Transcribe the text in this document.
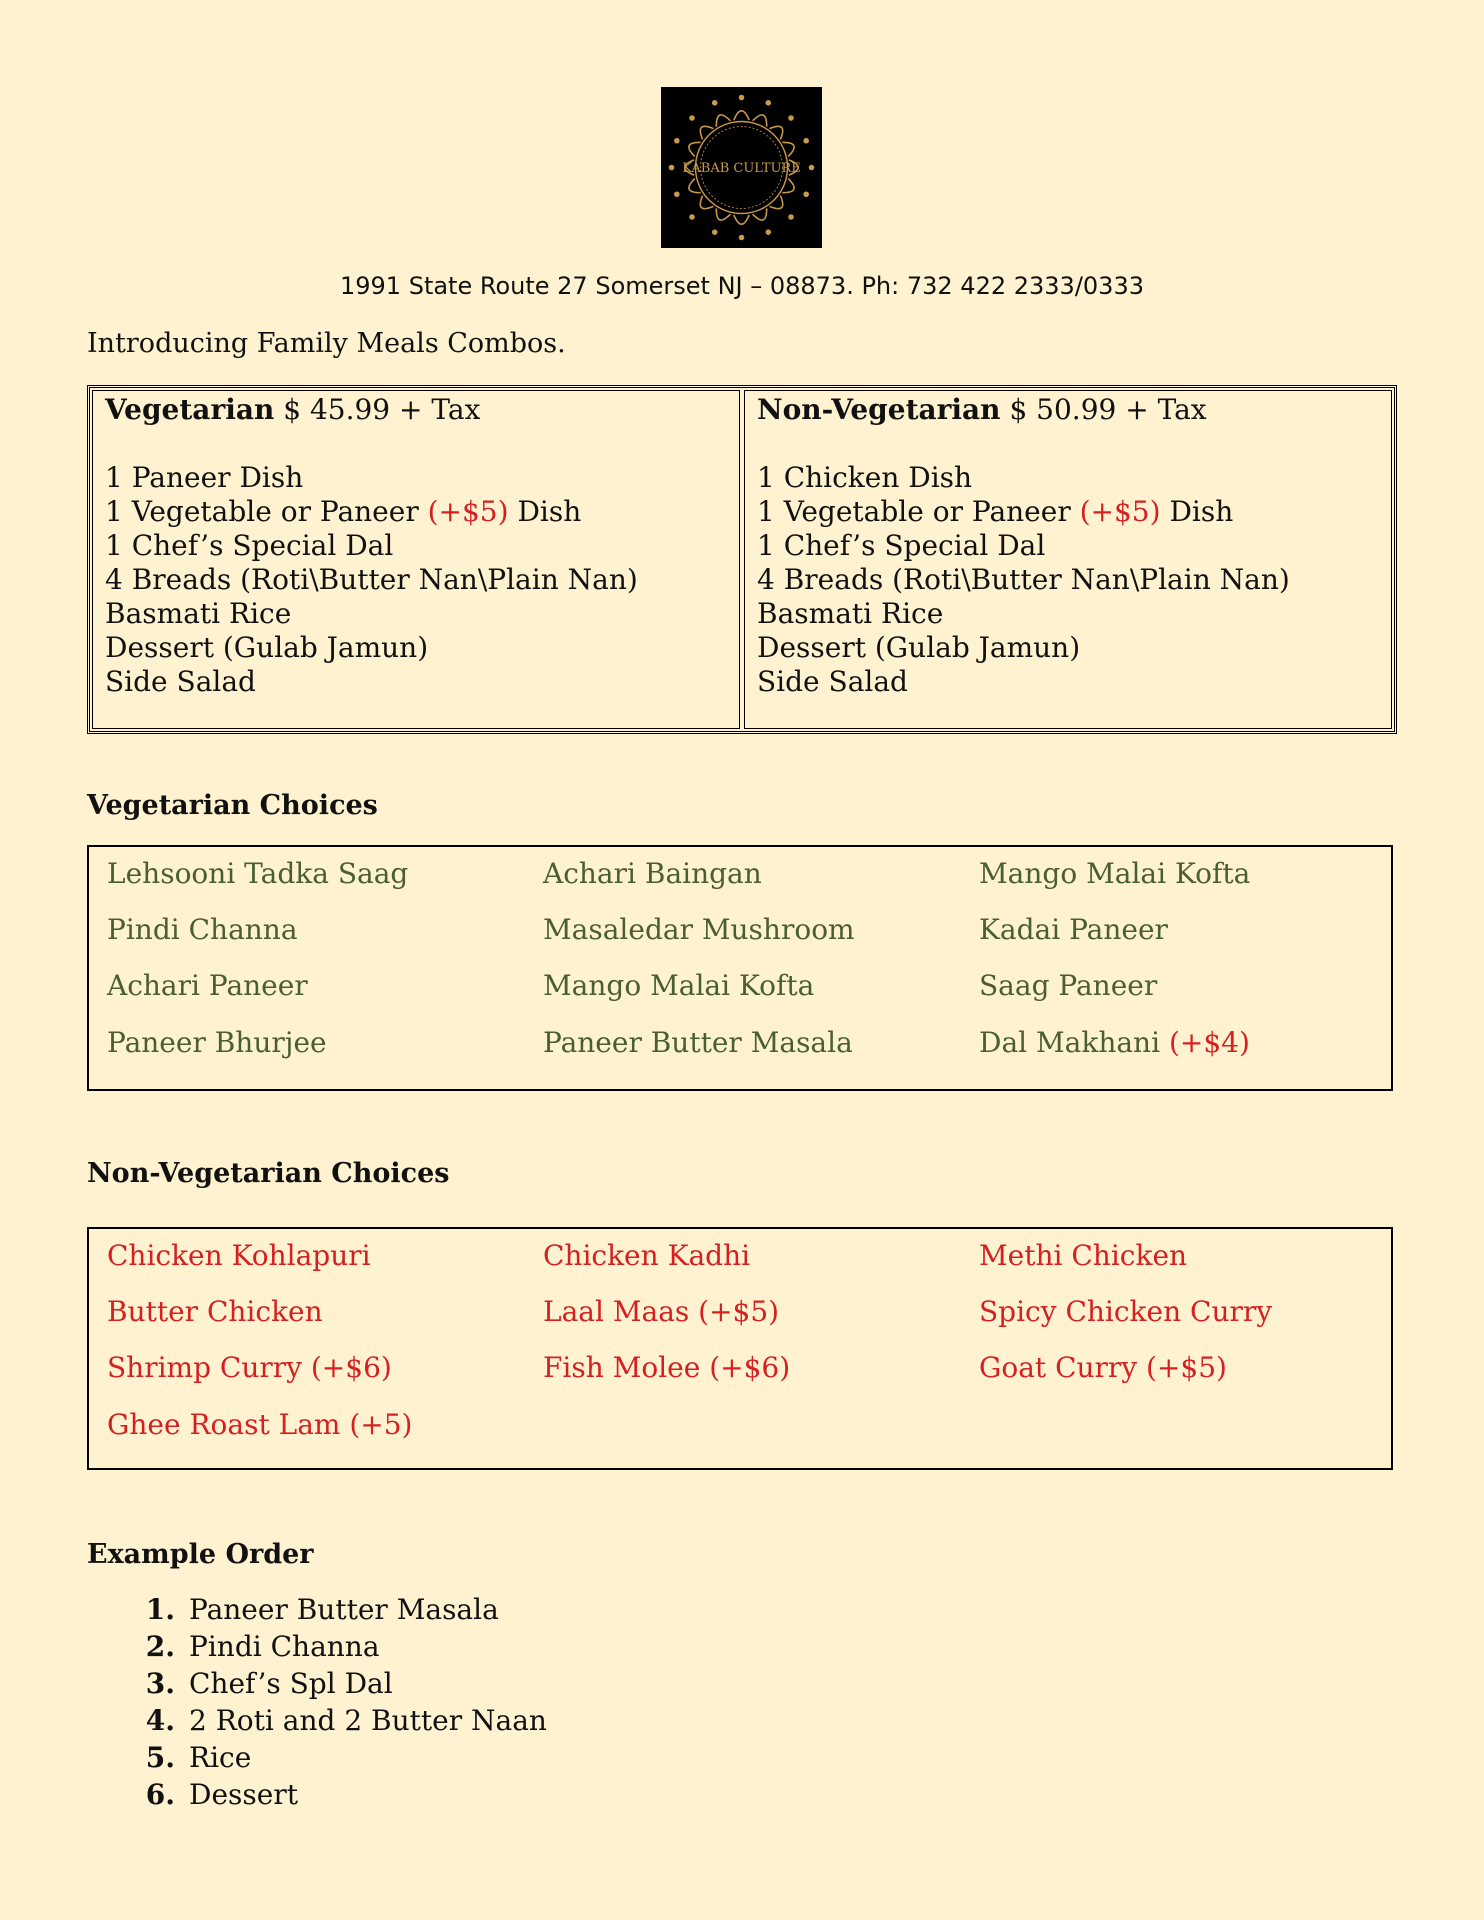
KABAB CULTURE
1991 State Route 27 Somerset NJ – 08873. Ph: 732 422 2333/0333
Introducing Family Meals Combos.
Vegetarian $ 45.99 + Tax
1 Paneer Dish
1 Vegetable or Paneer (+$5) Dish
1 Chef’s Special Dal
4 Breads (Roti\Butter Nan\Plain Nan)
Basmati Rice
Dessert (Gulab Jamun)
Side Salad
Non-Vegetarian $ 50.99 + Tax
1 Chicken Dish
1 Vegetable or Paneer (+$5) Dish
1 Chef’s Special Dal
4 Breads (Roti\Butter Nan\Plain Nan)
Basmati Rice
Dessert (Gulab Jamun)
Side Salad
Vegetarian Choices
Lehsooni Tadka Saag	Achari Baingan	Mango Malai Kofta
Pindi Channa	Masaledar Mushroom	Kadai Paneer
Achari Paneer	Mango Malai Kofta	Saag Paneer
Paneer Bhurjee	Paneer Butter Masala	Dal Makhani (+$4)
Non-Vegetarian Choices
Chicken Kohlapuri	Chicken Kadhi	Methi Chicken
Butter Chicken	Laal Maas (+$5)	Spicy Chicken Curry
Shrimp Curry (+$6)	Fish Molee (+$6)	Goat Curry (+$5)
Ghee Roast Lam (+5)
Example Order
1. Paneer Butter Masala
2. Pindi Channa
3. Chef’s Spl Dal
4. 2 Roti and 2 Butter Naan
5. Rice
6. Dessert
